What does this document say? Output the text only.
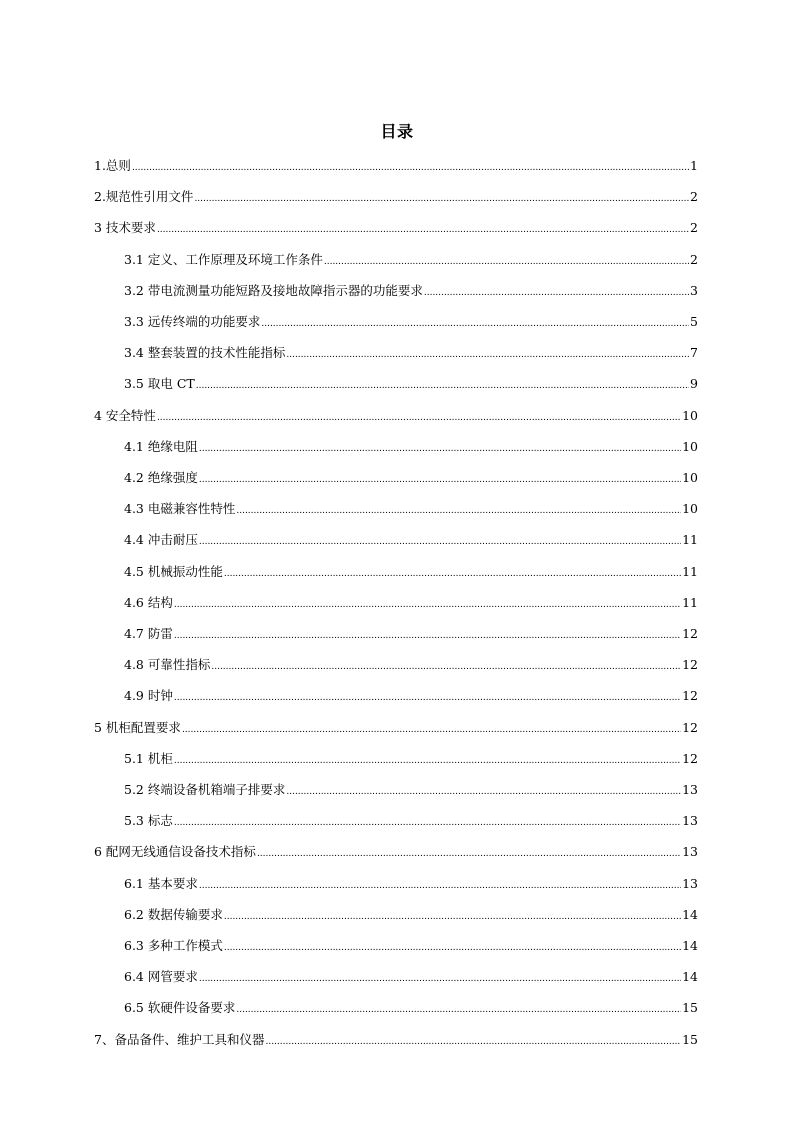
目录
1.总则 .....	1
2.规范性引用文件 .....	2
3 技术要求 .....	2
3.1 定义、工作原理及环境工作条件 .....	2
3.2 带电流测量功能短路及接地故障指示器的功能要求 .....	3
3.3 远传终端的功能要求 .....	5
3.4 整套装置的技术性能指标 .....	7
3.5 取电 CT .....	9
4 安全特性 .....	10
4.1 绝缘电阻 .....	10
4.2 绝缘强度 .....	10
4.3 电磁兼容性特性 .....	10
4.4 冲击耐压 .....	11
4.5 机械振动性能 .....	11
4.6 结构 .....	11
4.7 防雷 .....	12
4.8 可靠性指标 .....	12
4.9 时钟 .....	12
5 机柜配置要求 .....	12
5.1 机柜 .....	12
5.2 终端设备机箱端子排要求 .....	13
5.3 标志 .....	13
6 配网无线通信设备技术指标 .....	13
6.1 基本要求 .....	13
6.2 数据传输要求 .....	14
6.3 多种工作模式 .....	14
6.4 网管要求 .....	14
6.5 软硬件设备要求 .....	15
7、备品备件、维护工具和仪器 .....	15
